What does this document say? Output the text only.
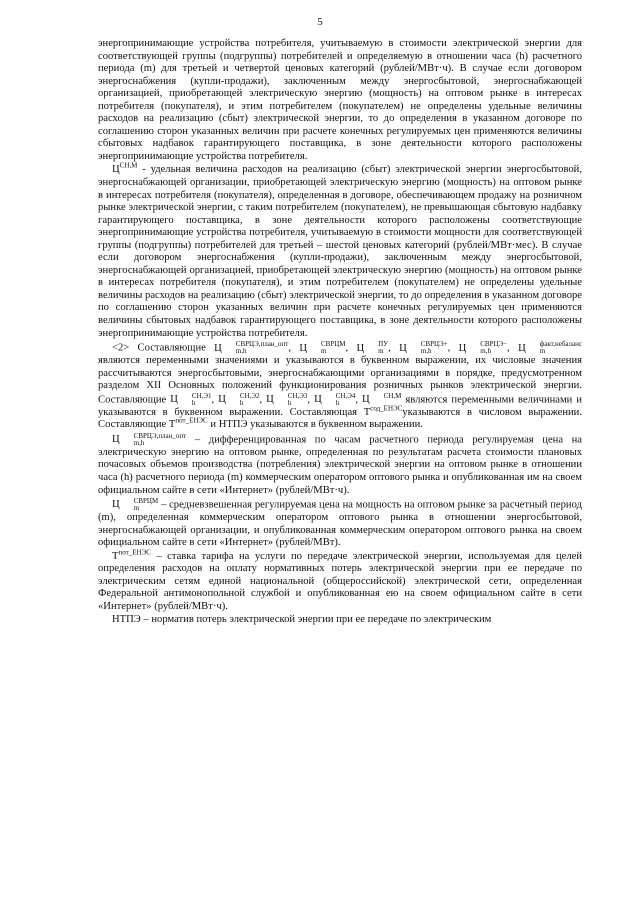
5

энергопринимающие устройства потребителя, учитываемую в стоимости электрической энергии для соответствующей группы (подгруппы) потребителей и определяемую в отношении часа (h) расчетного периода (m) для третьей и четвертой ценовых категорий (рублей/МВт·ч). В случае если договором энергоснабжения (купли-продажи), заключенным между энергосбытовой, энергоснабжающей организацией, приобретающей электрическую энергию (мощность) на оптовом рынке в интересах потребителя (покупателя), и этим потребителем (покупателем) не определены удельные величины расходов на реализацию (сбыт) электрической энергии, то до определения в указанном договоре по соглашению сторон указанных величин при расчете конечных регулируемых цен применяются величины сбытовых надбавок гарантирующего поставщика, в зоне деятельности которого расположены энергопринимающие устройства потребителя.

$Ц^{СН,М}$ - удельная величина расходов на реализацию (сбыт) электрической энергии энергосбытовой, энергоснабжающей организации, приобретающей электрическую энергию (мощность) на оптовом рынке в интересах потребителя (покупателя), определенная в договоре, обеспечивающем продажу на розничном рынке электрической энергии, с таким потребителем (покупателем), не превышающая сбытовую надбавку гарантирующего поставщика, в зоне деятельности которого расположены соответствующие энергопринимающие устройства потребителя, учитываемую в стоимости мощности для соответствующей группы (подгруппы) потребителей для третьей – шестой ценовых категорий (рублей/МВт·мес). В случае если договором энергоснабжения (купли-продажи), заключенным между энергосбытовой, энергоснабжающей организацией, приобретающей электрическую энергию (мощность) на оптовом рынке в интересах потребителя (покупателя), и этим потребителем (покупателем) не определены удельные величины расходов на реализацию (сбыт) электрической энергии, то до определения в указанном договоре по соглашению сторон указанных величин при расчете конечных регулируемых цен применяются величины сбытовых надбавок гарантирующего поставщика, в зоне деятельности которого расположены энергопринимающие устройства потребителя.

<2> Составляющие Ц	СВРЦЭ,план_опт
m,h	, Ц	СВРЦМ
m	, Ц	ПУ
m , Ц	СВРЦЭ+
m,h	, Ц	СВРЦЭ−
m,h	, Ц	факт,небаланс
m
являются переменными значениями и указываются в буквенном выражении, их числовые значения рассчитываются энергосбытовыми, энергоснабжающими организациями в порядке, предусмотренном разделом XII Основных положений функционирования розничных рынков электрической энергии. Составляющие Ц	СН,Э1
h	, Ц	СН,Э2
h	, Ц	СН,Э3
h	, Ц	СН,Э4
h	, Ц	СН,М
являются переменными величинами и указываются в буквенном выражении. Составляющая $Т^{сод\_ЕНЭС}указываются$ в числовом выражении. Составляющие $Т^{пот\_ЕНЭС}$ и НТПЭ указываются в буквенном выражении.

Ц	СВРЦЭ,план_опт
m,h	– дифференцированная по часам расчетного периода регулируемая цена на электрическую энергию на оптовом рынке, определенная по результатам расчета стоимости плановых почасовых объемов производства (потребления) электрической энергии на оптовом рынке в отношении часа (h) расчетного периода (m) коммерческим оператором оптового рынка и опубликованная им на своем официальном сайте в сети «Интернет» (рублей/МВт·ч).

Ц	СВРЦМ
m	– средневзвешенная регулируемая цена на мощность на оптовом рынке за расчетный период (m), определенная коммерческим оператором оптового рынка в отношении энергосбытовой, энергоснабжающей организации, и опубликованная коммерческим оператором оптового рынка на своем официальном сайте в сети «Интернет» (рублей/МВт).

$Т^{пот\_ЕНЭС}$ – ставка тарифа на услуги по передаче электрической энергии, используемая для целей определения расходов на оплату нормативных потерь электрической энергии при ее передаче по электрическим сетям единой национальной (общероссийской) электрической сети, определенная Федеральной антимонопольной службой и опубликованная ею на своем официальном сайте в сети «Интернет» (рублей/МВт·ч).

НТПЭ – норматив потерь электрической энергии при ее передаче по электрическим
